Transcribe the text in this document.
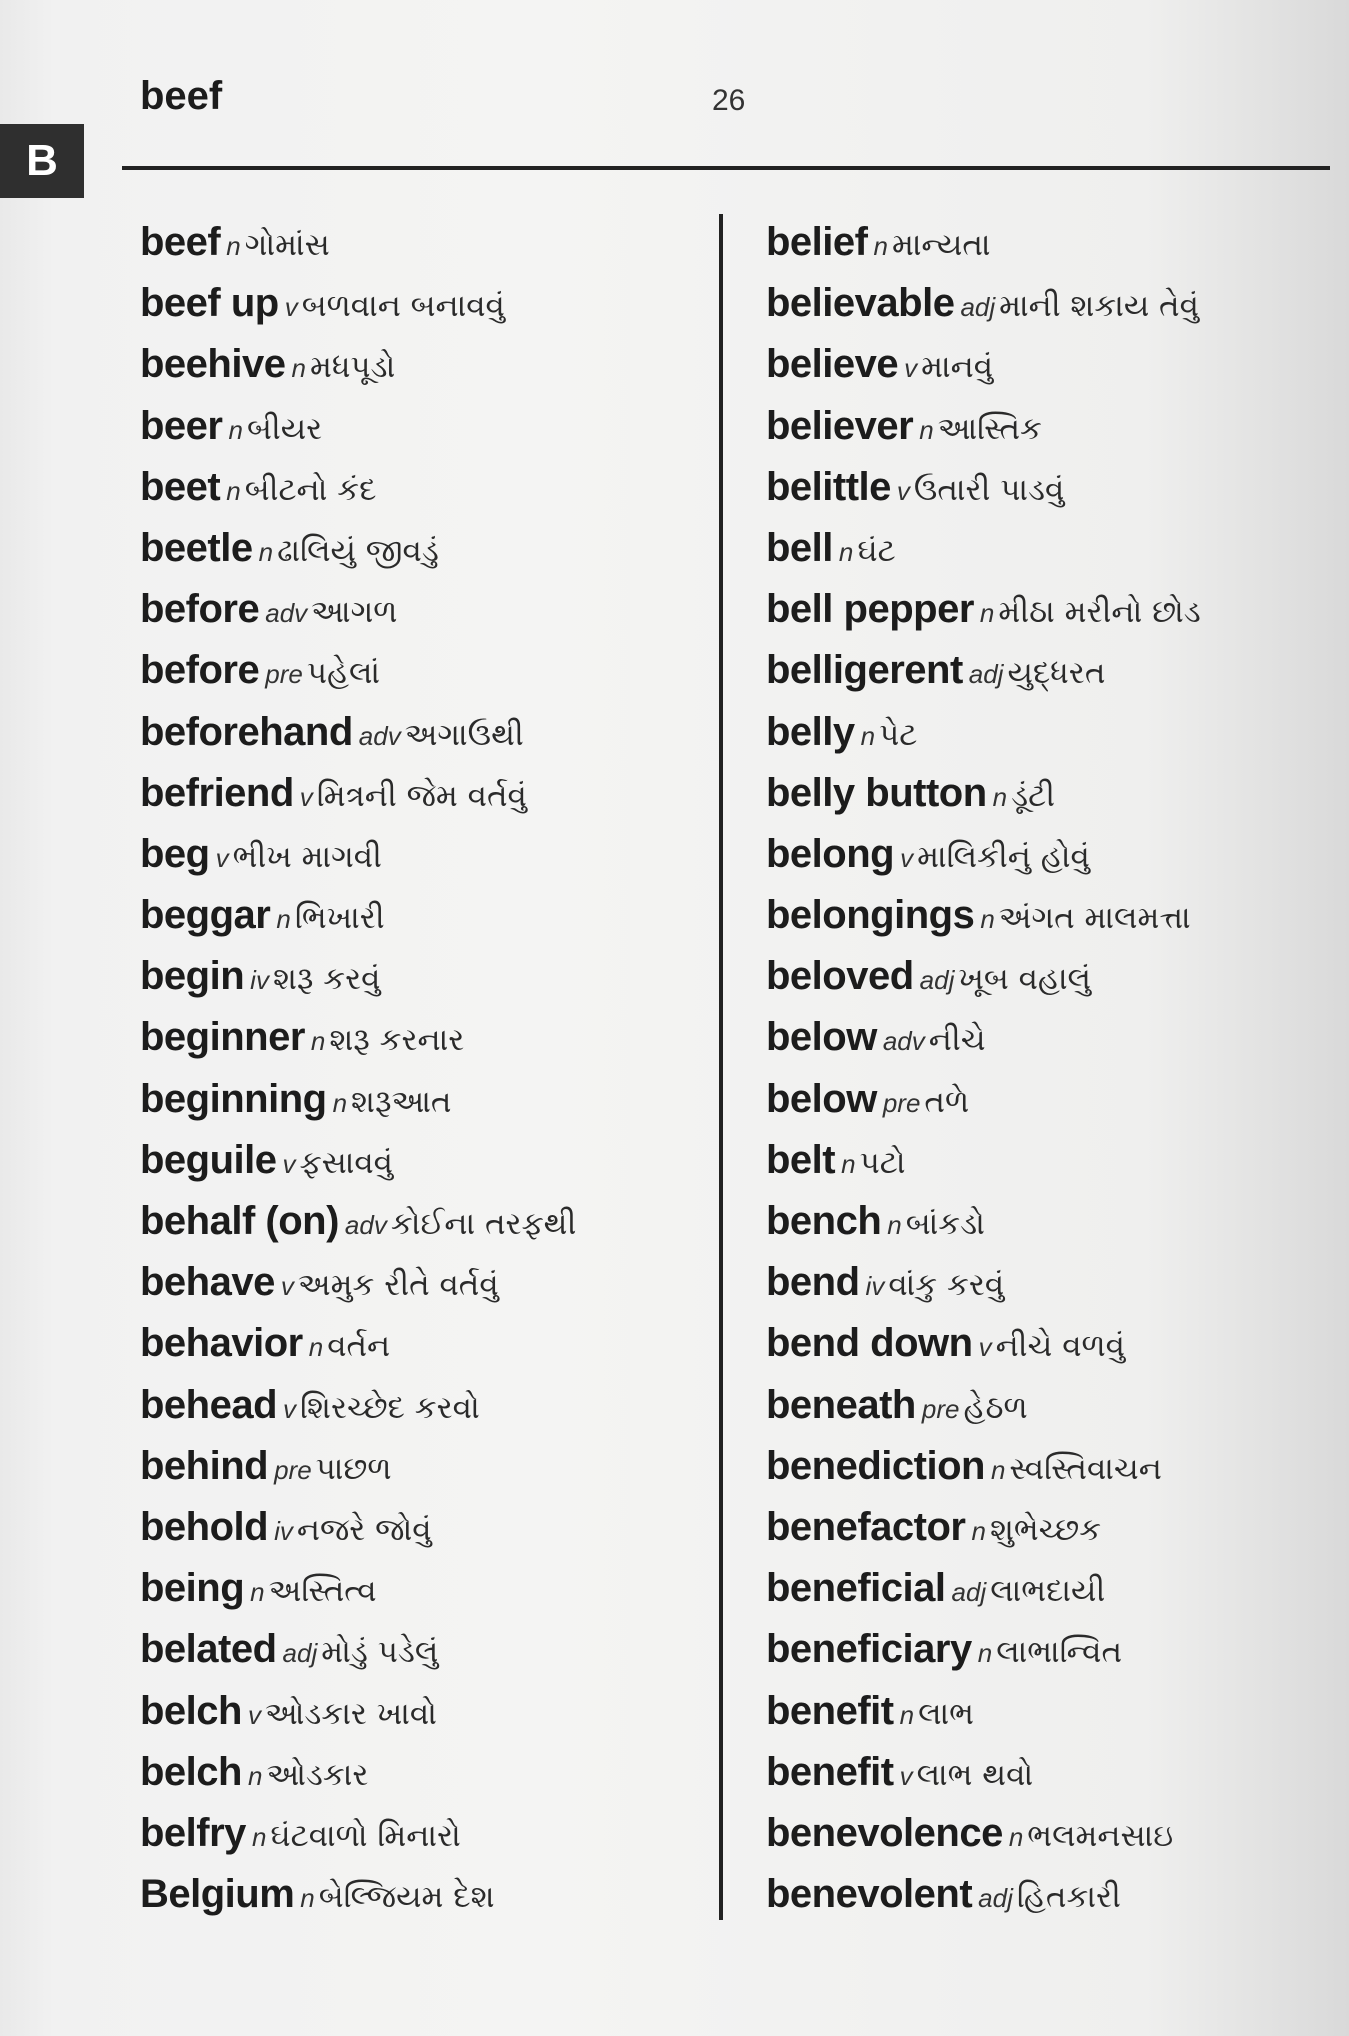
B
beef	26
beef n ગોમાંસ
beef up v બળવાન બનાવવું
beehive n મધપૂડો
beer n બીયર
beet n બીટનો કંદ
beetle n ઢાલિયું જીવડું
before adv આગળ
before pre પહેલાં
beforehand adv અગાઉથી
befriend v મિત્રની જેમ વર્તવું
beg v ભીખ માગવી
beggar n ભિખારી
begin iv શરૂ કરવું
beginner n શરૂ કરનાર
beginning n શરૂઆત
beguile v ફસાવવું
behalf (on) adv કોઈના તરફથી
behave v અમુક રીતે વર્તવું
behavior n વર્તન
behead v શિરચ્છેદ કરવો
behind pre પાછળ
behold iv નજરે જોવું
being n અસ્તિત્વ
belated adj મોડું પડેલું
belch v ઓડકાર ખાવો
belch n ઓડકાર
belfry n ઘંટવાળો મિનારો
Belgium n બેલ્જિયમ દેશ
belief n માન્યતા
believable adj માની શકાય તેવું
believe v માનવું
believer n આસ્તિક
belittle v ઉતારી પાડવું
bell n ઘંટ
bell pepper n મીઠા મરીનો છોડ
belligerent adj યુદ્ધરત
belly n પેટ
belly button n ડૂંટી
belong v માલિકીનું હોવું
belongings n અંગત માલમત્તા
beloved adj ખૂબ વહાલું
below adv નીચે
below pre તળે
belt n પટો
bench n બાંકડો
bend iv વાંકુ કરવું
bend down v નીચે વળવું
beneath pre હેઠળ
benediction n સ્વસ્તિવાચન
benefactor n શુભેચ્છક
beneficial adj લાભદાયી
beneficiary n લાભાન્વિત
benefit n લાભ
benefit v લાભ થવો
benevolence n ભલમનસાઇ
benevolent adj હિતકારી
